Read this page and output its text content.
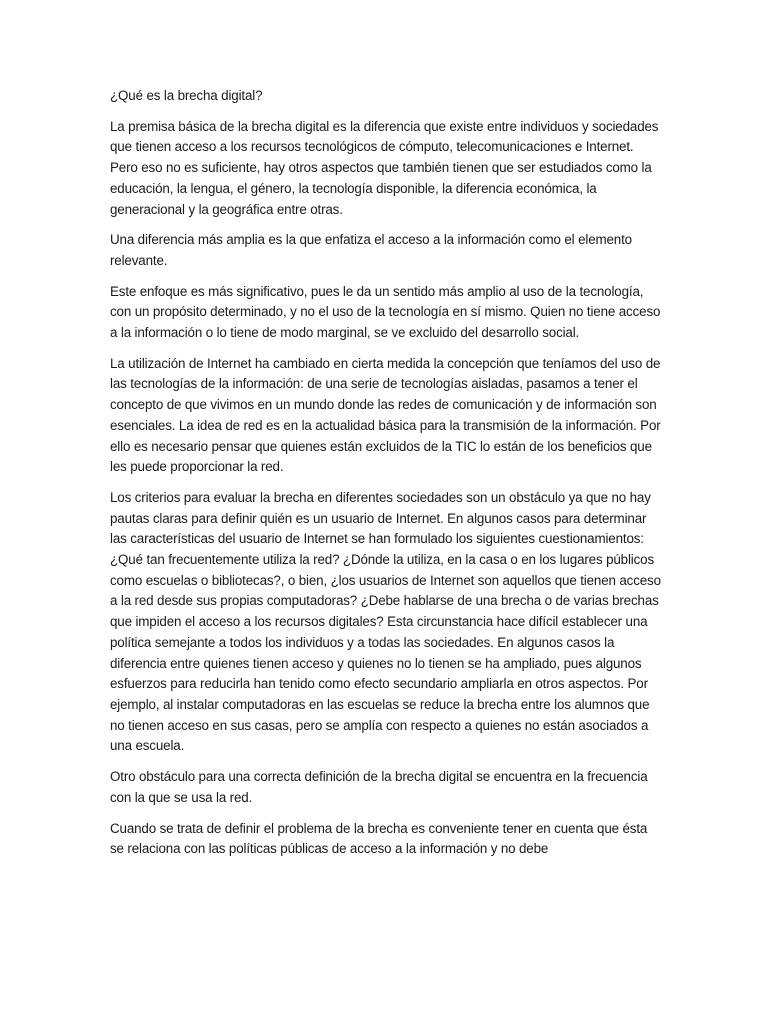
¿Qué es la brecha digital?

La premisa básica de la brecha digital es la diferencia que existe entre individuos y sociedades que tienen acceso a los recursos tecnológicos de cómputo, telecomunicaciones e Internet. Pero eso no es suficiente, hay otros aspectos que también tienen que ser estudiados como la educación, la lengua, el género, la tecnología disponible, la diferencia económica, la generacional y la geográfica entre otras.

Una diferencia más amplia es la que enfatiza el acceso a la información como el elemento relevante.

Este enfoque es más significativo, pues le da un sentido más amplio al uso de la tecnología, con un propósito determinado, y no el uso de la tecnología en sí mismo. Quien no tiene acceso a la información o lo tiene de modo marginal, se ve excluido del desarrollo social.

La utilización de Internet ha cambiado en cierta medida la concepción que teníamos del uso de las tecnologías de la información: de una serie de tecnologías aisladas, pasamos a tener el concepto de que vivimos en un mundo donde las redes de comunicación y de información son esenciales. La idea de red es en la actualidad básica para la transmisión de la información. Por ello es necesario pensar que quienes están excluidos de la TIC lo están de los beneficios que les puede proporcionar la red.

Los criterios para evaluar la brecha en diferentes sociedades son un obstáculo ya que no hay pautas claras para definir quién es un usuario de Internet. En algunos casos para determinar las características del usuario de Internet se han formulado los siguientes cuestionamientos: ¿Qué tan frecuentemente utiliza la red? ¿Dónde la utiliza, en la casa o en los lugares públicos como escuelas o bibliotecas?, o bien, ¿los usuarios de Internet son aquellos que tienen acceso a la red desde sus propias computadoras? ¿Debe hablarse de una brecha o de varias brechas que impiden el acceso a los recursos digitales? Esta circunstancia hace difícil establecer una política semejante a todos los individuos y a todas las sociedades. En algunos casos la diferencia entre quienes tienen acceso y quienes no lo tienen se ha ampliado, pues algunos esfuerzos para reducirla han tenido como efecto secundario ampliarla en otros aspectos. Por ejemplo, al instalar computadoras en las escuelas se reduce la brecha entre los alumnos que no tienen acceso en sus casas, pero se amplía con respecto a quienes no están asociados a una escuela.

Otro obstáculo para una correcta definición de la brecha digital se encuentra en la frecuencia con la que se usa la red.

Cuando se trata de definir el problema de la brecha es conveniente tener en cuenta que ésta se relaciona con las políticas públicas de acceso a la información y no debe
